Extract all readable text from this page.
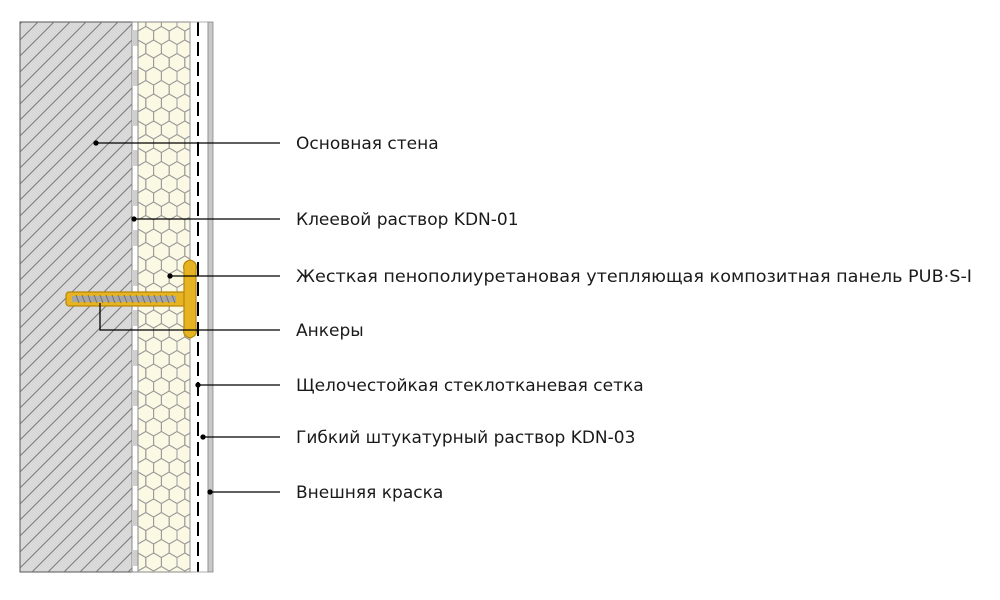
Основная стена
Клеевой раствор KDN-01
Жесткая пенополиуретановая утепляющая композитная панель PUB·S-I
Анкеры
Щелочестойкая стеклотканевая сетка
Гибкий штукатурный раствор KDN-03
Внешняя краска
